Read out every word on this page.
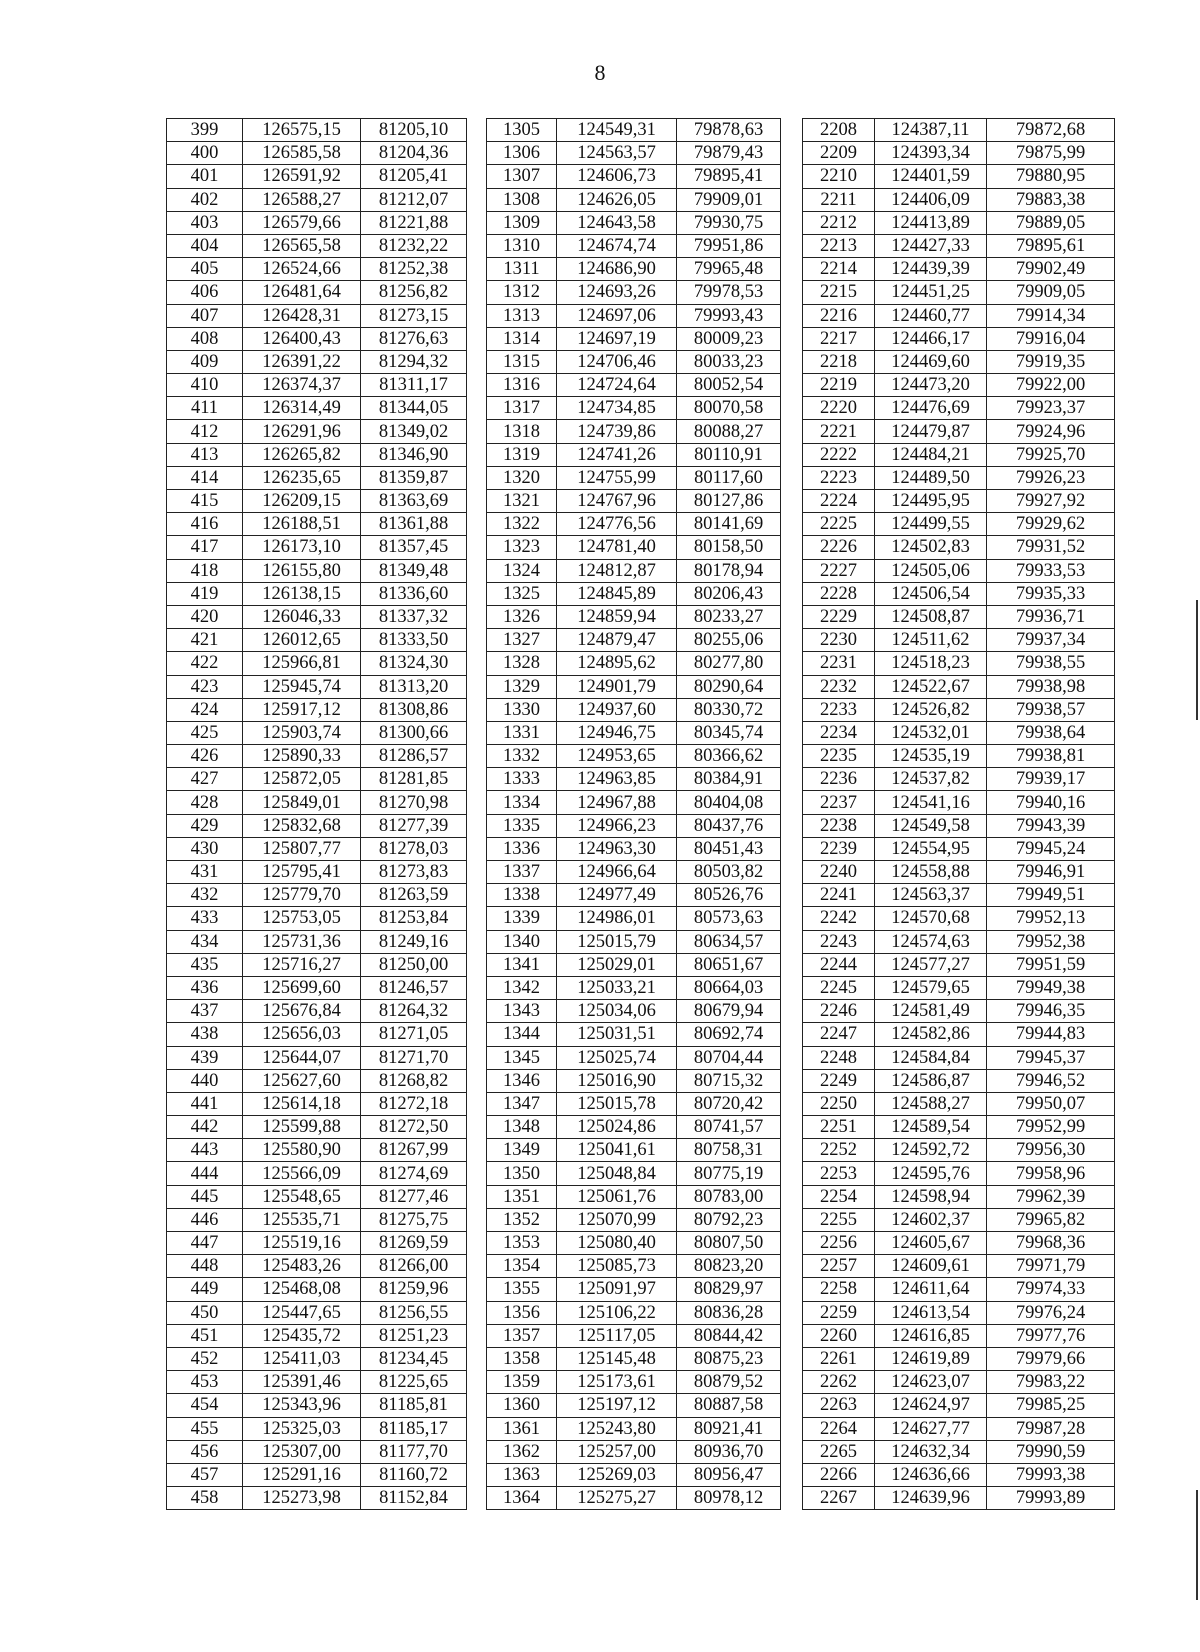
8
399	126575,15	81205,10		1305	124549,31	79878,63		2208	124387,11	79872,68
400	126585,58	81204,36		1306	124563,57	79879,43		2209	124393,34	79875,99
401	126591,92	81205,41		1307	124606,73	79895,41		2210	124401,59	79880,95
402	126588,27	81212,07		1308	124626,05	79909,01		2211	124406,09	79883,38
403	126579,66	81221,88		1309	124643,58	79930,75		2212	124413,89	79889,05
404	126565,58	81232,22		1310	124674,74	79951,86		2213	124427,33	79895,61
405	126524,66	81252,38		1311	124686,90	79965,48		2214	124439,39	79902,49
406	126481,64	81256,82		1312	124693,26	79978,53		2215	124451,25	79909,05
407	126428,31	81273,15		1313	124697,06	79993,43		2216	124460,77	79914,34
408	126400,43	81276,63		1314	124697,19	80009,23		2217	124466,17	79916,04
409	126391,22	81294,32		1315	124706,46	80033,23		2218	124469,60	79919,35
410	126374,37	81311,17		1316	124724,64	80052,54		2219	124473,20	79922,00
411	126314,49	81344,05		1317	124734,85	80070,58		2220	124476,69	79923,37
412	126291,96	81349,02		1318	124739,86	80088,27		2221	124479,87	79924,96
413	126265,82	81346,90		1319	124741,26	80110,91		2222	124484,21	79925,70
414	126235,65	81359,87		1320	124755,99	80117,60		2223	124489,50	79926,23
415	126209,15	81363,69		1321	124767,96	80127,86		2224	124495,95	79927,92
416	126188,51	81361,88		1322	124776,56	80141,69		2225	124499,55	79929,62
417	126173,10	81357,45		1323	124781,40	80158,50		2226	124502,83	79931,52
418	126155,80	81349,48		1324	124812,87	80178,94		2227	124505,06	79933,53
419	126138,15	81336,60		1325	124845,89	80206,43		2228	124506,54	79935,33
420	126046,33	81337,32		1326	124859,94	80233,27		2229	124508,87	79936,71
421	126012,65	81333,50		1327	124879,47	80255,06		2230	124511,62	79937,34
422	125966,81	81324,30		1328	124895,62	80277,80		2231	124518,23	79938,55
423	125945,74	81313,20		1329	124901,79	80290,64		2232	124522,67	79938,98
424	125917,12	81308,86		1330	124937,60	80330,72		2233	124526,82	79938,57
425	125903,74	81300,66		1331	124946,75	80345,74		2234	124532,01	79938,64
426	125890,33	81286,57		1332	124953,65	80366,62		2235	124535,19	79938,81
427	125872,05	81281,85		1333	124963,85	80384,91		2236	124537,82	79939,17
428	125849,01	81270,98		1334	124967,88	80404,08		2237	124541,16	79940,16
429	125832,68	81277,39		1335	124966,23	80437,76		2238	124549,58	79943,39
430	125807,77	81278,03		1336	124963,30	80451,43		2239	124554,95	79945,24
431	125795,41	81273,83		1337	124966,64	80503,82		2240	124558,88	79946,91
432	125779,70	81263,59		1338	124977,49	80526,76		2241	124563,37	79949,51
433	125753,05	81253,84		1339	124986,01	80573,63		2242	124570,68	79952,13
434	125731,36	81249,16		1340	125015,79	80634,57		2243	124574,63	79952,38
435	125716,27	81250,00		1341	125029,01	80651,67		2244	124577,27	79951,59
436	125699,60	81246,57		1342	125033,21	80664,03		2245	124579,65	79949,38
437	125676,84	81264,32		1343	125034,06	80679,94		2246	124581,49	79946,35
438	125656,03	81271,05		1344	125031,51	80692,74		2247	124582,86	79944,83
439	125644,07	81271,70		1345	125025,74	80704,44		2248	124584,84	79945,37
440	125627,60	81268,82		1346	125016,90	80715,32		2249	124586,87	79946,52
441	125614,18	81272,18		1347	125015,78	80720,42		2250	124588,27	79950,07
442	125599,88	81272,50		1348	125024,86	80741,57		2251	124589,54	79952,99
443	125580,90	81267,99		1349	125041,61	80758,31		2252	124592,72	79956,30
444	125566,09	81274,69		1350	125048,84	80775,19		2253	124595,76	79958,96
445	125548,65	81277,46		1351	125061,76	80783,00		2254	124598,94	79962,39
446	125535,71	81275,75		1352	125070,99	80792,23		2255	124602,37	79965,82
447	125519,16	81269,59		1353	125080,40	80807,50		2256	124605,67	79968,36
448	125483,26	81266,00		1354	125085,73	80823,20		2257	124609,61	79971,79
449	125468,08	81259,96		1355	125091,97	80829,97		2258	124611,64	79974,33
450	125447,65	81256,55		1356	125106,22	80836,28		2259	124613,54	79976,24
451	125435,72	81251,23		1357	125117,05	80844,42		2260	124616,85	79977,76
452	125411,03	81234,45		1358	125145,48	80875,23		2261	124619,89	79979,66
453	125391,46	81225,65		1359	125173,61	80879,52		2262	124623,07	79983,22
454	125343,96	81185,81		1360	125197,12	80887,58		2263	124624,97	79985,25
455	125325,03	81185,17		1361	125243,80	80921,41		2264	124627,77	79987,28
456	125307,00	81177,70		1362	125257,00	80936,70		2265	124632,34	79990,59
457	125291,16	81160,72		1363	125269,03	80956,47		2266	124636,66	79993,38
458	125273,98	81152,84		1364	125275,27	80978,12		2267	124639,96	79993,89
